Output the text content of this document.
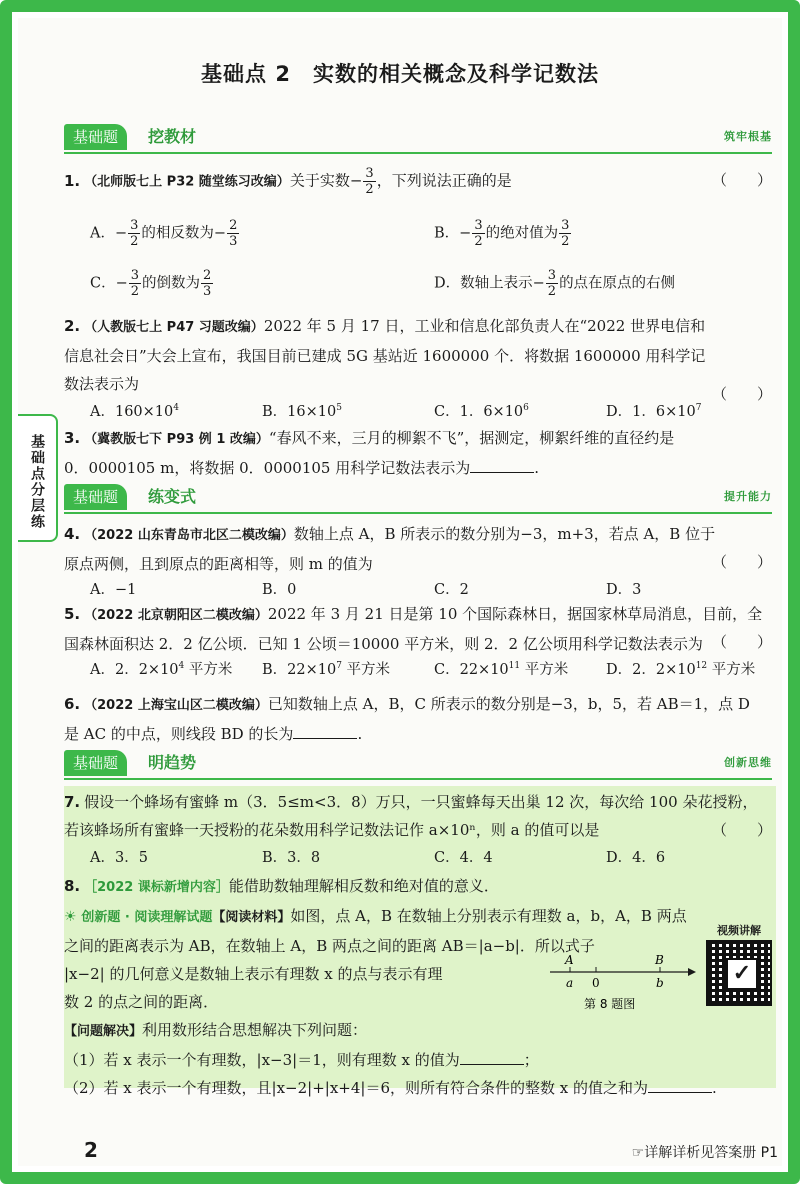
基础点 2　实数的相关概念及科学记数法
基础点分层练
基础题	挖教材	筑牢根基
1. （北师版七上 P32 随堂练习改编）关于实数− $\frac{3}{2}$ ，下列说法正确的是	（　　）
A．− $\frac{3}{2}$ 的相反数为− $\frac{2}{3}$	B．− $\frac{3}{2}$ 的绝对值为 $\frac{3}{2}$
C．− $\frac{3}{2}$ 的倒数为 $\frac{2}{3}$	D．数轴上表示− $\frac{3}{2}$ 的点在原点的右侧
2. （人教版七上 P47 习题改编）2022 年 5 月 17 日，工业和信息化部负责人在“2022 世界电信和
信息社会日”大会上宣布，我国目前已建成 5G 基站近 1600000 个．将数据 1600000 用科学记
数法表示为
（　　）
A．$160\times 10^4$	B．$16\times 10^5$	C．1．$6\times 10^6$	D．1．$6\times 10^7$
3. （冀教版七下 P93 例 1 改编）“春风不来，三月的柳絮不飞”，据测定，柳絮纤维的直径约是
0．0000105 m，将数据 0．0000105 用科学记数法表示为	.
基础题	练变式	提升能力
4. （2022 山东青岛市北区二模改编）数轴上点 A，B 所表示的数分别为−3，m+3，若点 A，B 位于
原点两侧，且到原点的距离相等，则 m 的值为	（　　）
A．−1	B．0	C．2	D．3
5. （2022 北京朝阳区二模改编）2022 年 3 月 21 日是第 10 个国际森林日，据国家林草局消息，目前，全
国森林面积达 2．2 亿公顷．已知 1 公顷＝10000 平方米，则 2．2 亿公顷用科学记数法表示为 （　　）
A．2．$2\times 10^4$ 平方米 B．$22\times 10^7$ 平方米	C．$22\times 10^{11}$ 平方米	D．2．$2\times 10^{12}$ 平方米
6. （2022 上海宝山区二模改编）已知数轴上点 A，B，C 所表示的数分别是−3，b，5，若 AB＝1，点 D
是 AC 的中点，则线段 BD 的长为	.
基础题	明趋势	创新思维
7. 假设一个蜂场有蜜蜂 m（3．5≤m<3．8）万只，一只蜜蜂每天出巢 12 次，每次给 100 朵花授粉，
若该蜂场所有蜜蜂一天授粉的花朵数用科学记数法记作 a×10ⁿ，则 a 的值可以是	（　　）
A．3．5	B．3．8	C．4．4	D．4．6
8. ［2022 课标新增内容］能借助数轴理解相反数和绝对值的意义．
☀ 创新题 · 阅读理解试题【阅读材料】如图，点 A，B 在数轴上分别表示有理数 a，b，A，B 两点
之间的距离表示为 AB，在数轴上 A，B 两点之间的距离 AB＝|a−b|．所以式子
|x−2| 的几何意义是数轴上表示有理数 x 的点与表示有理
数 2 的点之间的距离．
【问题解决】利用数形结合思想解决下列问题：
（1）若 x 表示一个有理数，|x−3|＝1，则有理数 x 的值为	；
（2）若 x 表示一个有理数，且|x−2|+|x+4|＝6，则所有符合条件的整数 x 的值之和为	.
A	B
a 0	b
第 8 题图
视频讲解
✓
2	☞详解详析见答案册 P1
